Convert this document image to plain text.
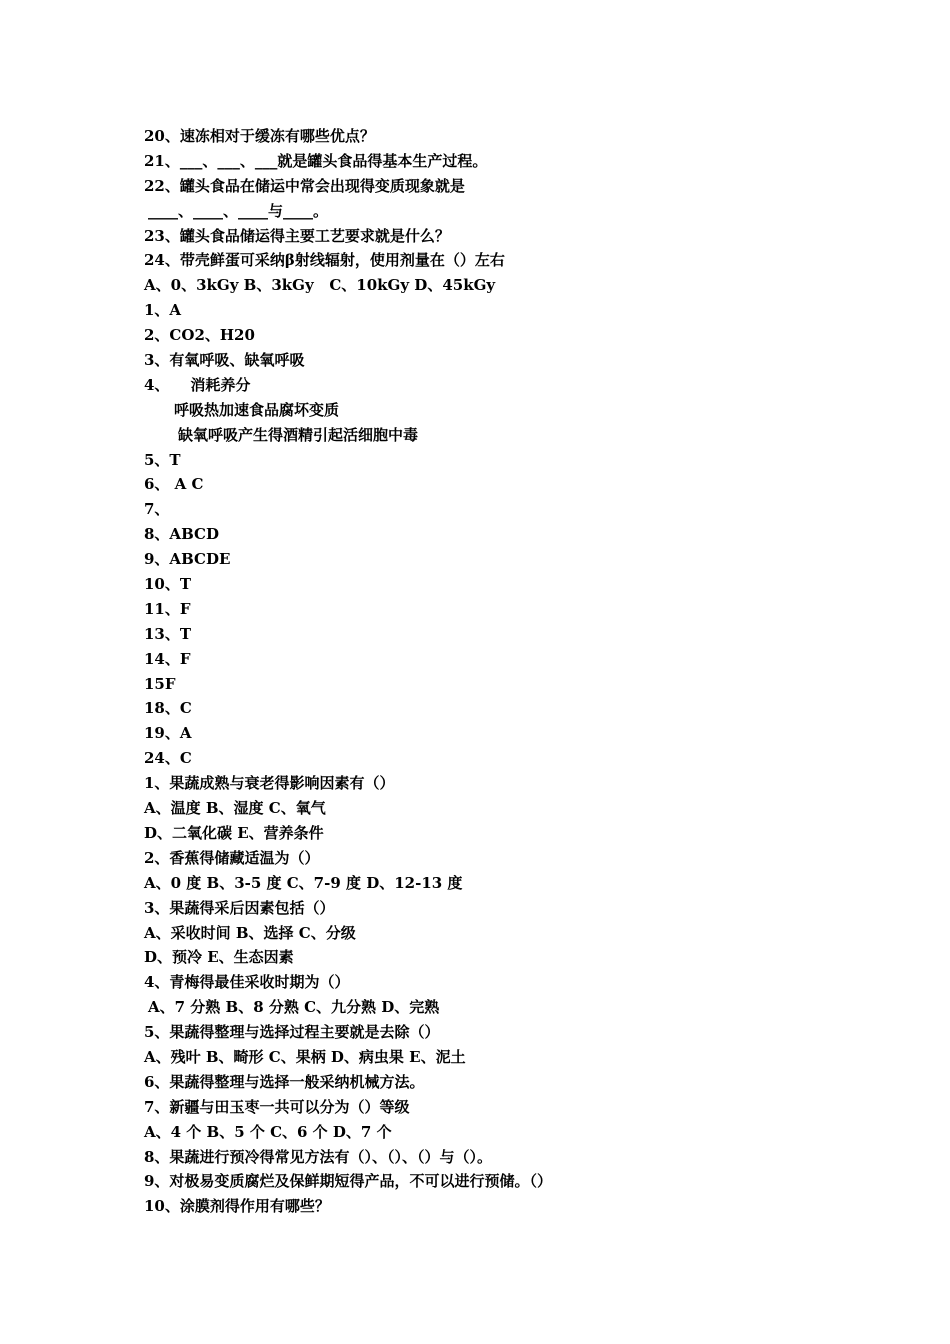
20、速冻相对于缓冻有哪些优点？
21、___、___、___就是罐头食品得基本生产过程。
22、罐头食品在储运中常会出现得变质现象就是
____、____、____与____。
23、罐头食品储运得主要工艺要求就是什么？
24、带壳鲜蛋可采纳β射线辐射，使用剂量在（）左右
A、0、3kGy B、3kGy   C、10kGy D、45kGy
1、A
2、CO2、H20
3、有氧呼吸、缺氧呼吸
4、    消耗养分
呼吸热加速食品腐坏变质
缺氧呼吸产生得酒精引起活细胞中毒
5、T
6、 A C
7、
8、ABCD
9、ABCDE
10、T
11、F
13、T
14、F
15F
18、C
19、A
24、C
1、果蔬成熟与衰老得影响因素有（）
A、温度 B、湿度 C、氧气
D、二氧化碳 E、营养条件
2、香蕉得储藏适温为（）
A、0 度 B、3-5 度 C、7-9 度 D、12-13 度
3、果蔬得采后因素包括（）
A、采收时间 B、选择 C、分级
D、预冷 E、生态因素
4、青梅得最佳采收时期为（）
A、7 分熟 B、8 分熟 C、九分熟 D、完熟
5、果蔬得整理与选择过程主要就是去除（）
A、残叶 B、畸形 C、果柄 D、病虫果 E、泥土
6、果蔬得整理与选择一般采纳机械方法。
7、新疆与田玉枣一共可以分为（）等级
A、4 个 B、5 个 C、6 个 D、7 个
8、果蔬进行预冷得常见方法有（）、（）、（）与（）。
9、对极易变质腐烂及保鲜期短得产品，不可以进行预储。（）
10、涂膜剂得作用有哪些？
